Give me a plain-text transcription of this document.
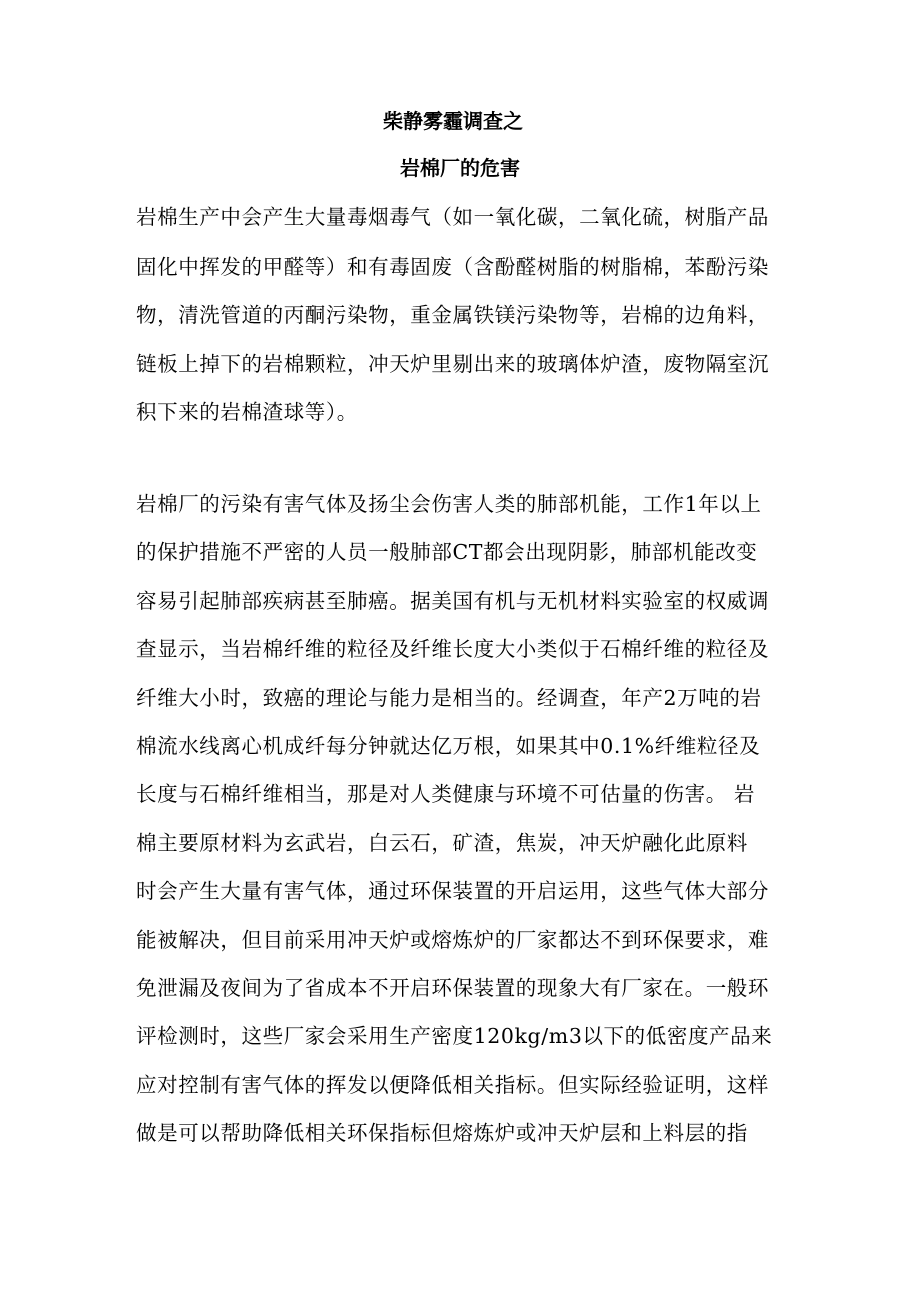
柴静雾霾调查之
岩棉厂的危害
岩棉生产中会产生大量毒烟毒气（如一氧化碳，二氧化硫，树脂产品
固化中挥发的甲醛等）和有毒固废（含酚醛树脂的树脂棉，苯酚污染
物，清洗管道的丙酮污染物，重金属铁镁污染物等，岩棉的边角料，
链板上掉下的岩棉颗粒，冲天炉里剔出来的玻璃体炉渣，废物隔室沉
积下来的岩棉渣球等）。
岩棉厂的污染有害气体及扬尘会伤害人类的肺部机能，工作1年以上
的保护措施不严密的人员一般肺部CT都会出现阴影，肺部机能改变
容易引起肺部疾病甚至肺癌。据美国有机与无机材料实验室的权威调
查显示，当岩棉纤维的粒径及纤维长度大小类似于石棉纤维的粒径及
纤维大小时，致癌的理论与能力是相当的。经调查，年产2万吨的岩
棉流水线离心机成纤每分钟就达亿万根，如果其中0.1%纤维粒径及
长度与石棉纤维相当，那是对人类健康与环境不可估量的伤害。 岩
棉主要原材料为玄武岩，白云石，矿渣，焦炭，冲天炉融化此原料
时会产生大量有害气体，通过环保装置的开启运用，这些气体大部分
能被解决，但目前采用冲天炉或熔炼炉的厂家都达不到环保要求，难
免泄漏及夜间为了省成本不开启环保装置的现象大有厂家在。一般环
评检测时，这些厂家会采用生产密度120kg/m3以下的低密度产品来
应对控制有害气体的挥发以便降低相关指标。但实际经验证明，这样
做是可以帮助降低相关环保指标但熔炼炉或冲天炉层和上料层的指
